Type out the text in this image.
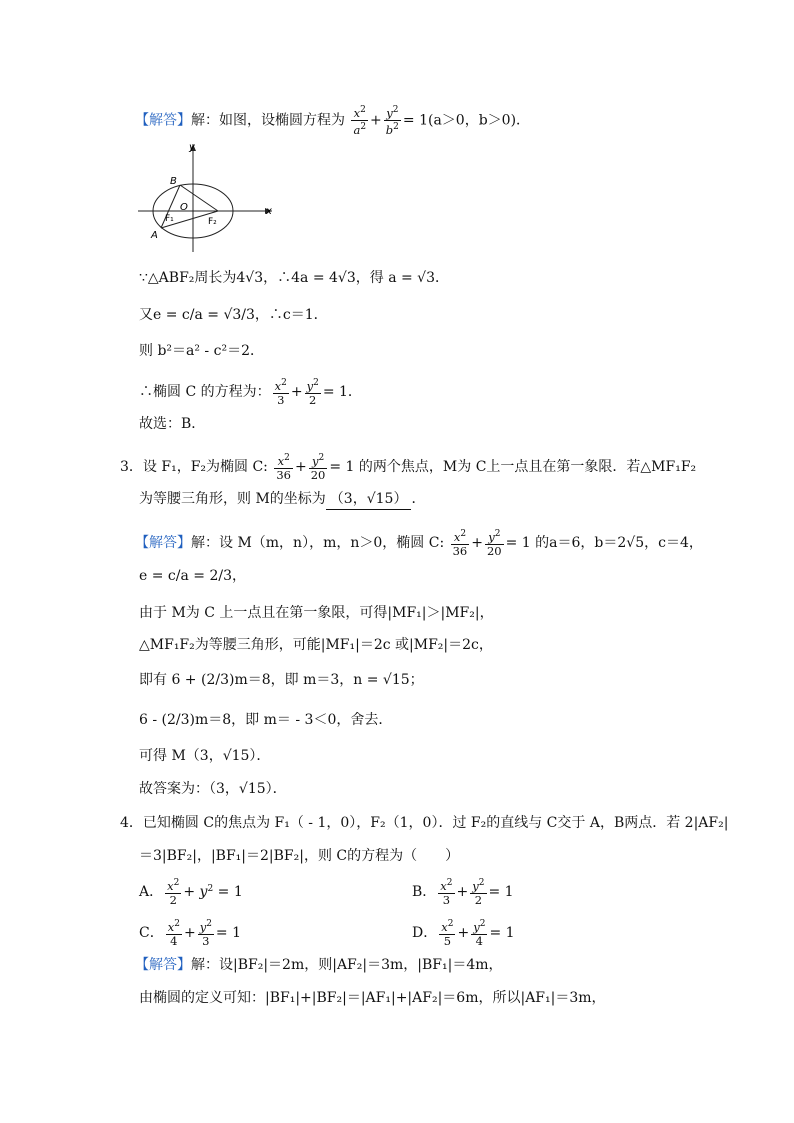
【解答】解：如图，设椭圆方程为 $\frac{x^2}{a^2} + \frac{y^2}{b^2} = 1(a>0$，b＞0)．
y
x
B
O
F₁	F₂
A
∵△ABF₂周长为4√3，∴4a = 4√3，得 a = √3．
又e = c/a = √3/3，∴c＝1．
则 b²＝a² - c²＝2．
∴椭圆 C 的方程为： $\frac{x^2}{3} + \frac{y^2}{2} = 1$．
故选：B．
3．设 F₁，F₂为椭圆 C: $\frac{x^2}{36} + \frac{y^2}{20} = 1$ 的两个焦点，M为 C上一点且在第一象限．若△MF₁F₂
为等腰三角形，则 M的坐标为 （3，√15） ．
【解答】解：设 M（m，n），m，n＞0，椭圆 C: $\frac{x^2}{36} + \frac{y^2}{20} = 1$ 的a＝6，b＝2√5，c＝4，
e = c/a = 2/3，
由于 M为 C 上一点且在第一象限，可得|MF₁|＞|MF₂|，
△MF₁F₂为等腰三角形，可能|MF₁|＝2c 或|MF₂|＝2c，
即有 6 + (2/3)m＝8，即 m＝3，n = √15；
6 - (2/3)m＝8，即 m＝ - 3＜0，舍去．
可得 M（3，√15）．
故答案为：（3，√15）．
4．已知椭圆 C的焦点为 F₁（ - 1，0），F₂（1，0）．过 F₂的直线与 C交于 A，B两点．若 2|AF₂|
＝3|BF₂|，|BF₁|＝2|BF₂|，则 C的方程为（　　）
A． $\frac{x^2}{2} + y^2 = 1$	B． $\frac{x^2}{3} + \frac{y^2}{2} = 1$
C． $\frac{x^2}{4} + \frac{y^2}{3} = 1$	D． $\frac{x^2}{5} + \frac{y^2}{4} = 1$
【解答】解：设|BF₂|＝2m，则|AF₂|＝3m，|BF₁|＝4m，
由椭圆的定义可知：|BF₁|+|BF₂|＝|AF₁|+|AF₂|＝6m，所以|AF₁|＝3m，
